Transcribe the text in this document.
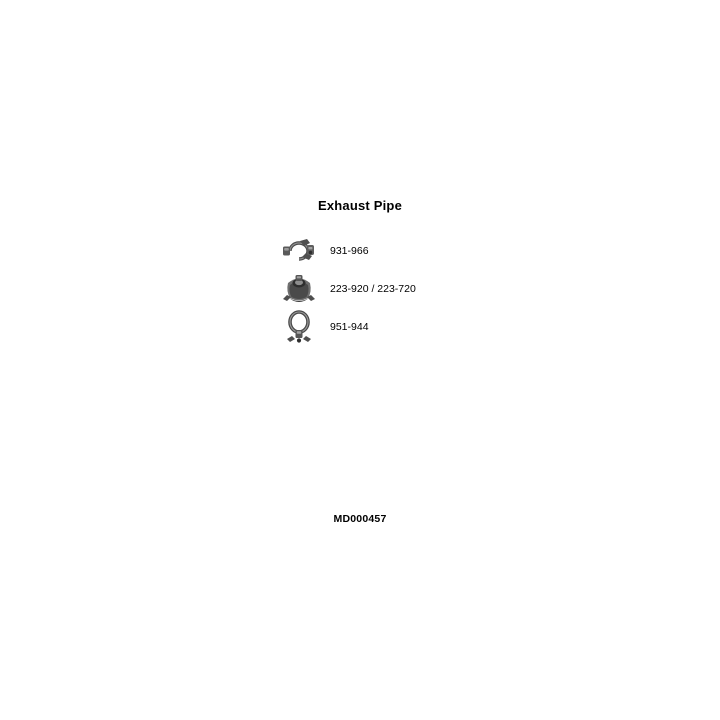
Exhaust Pipe
931-966
223-920 / 223-720
951-944
MD000457
